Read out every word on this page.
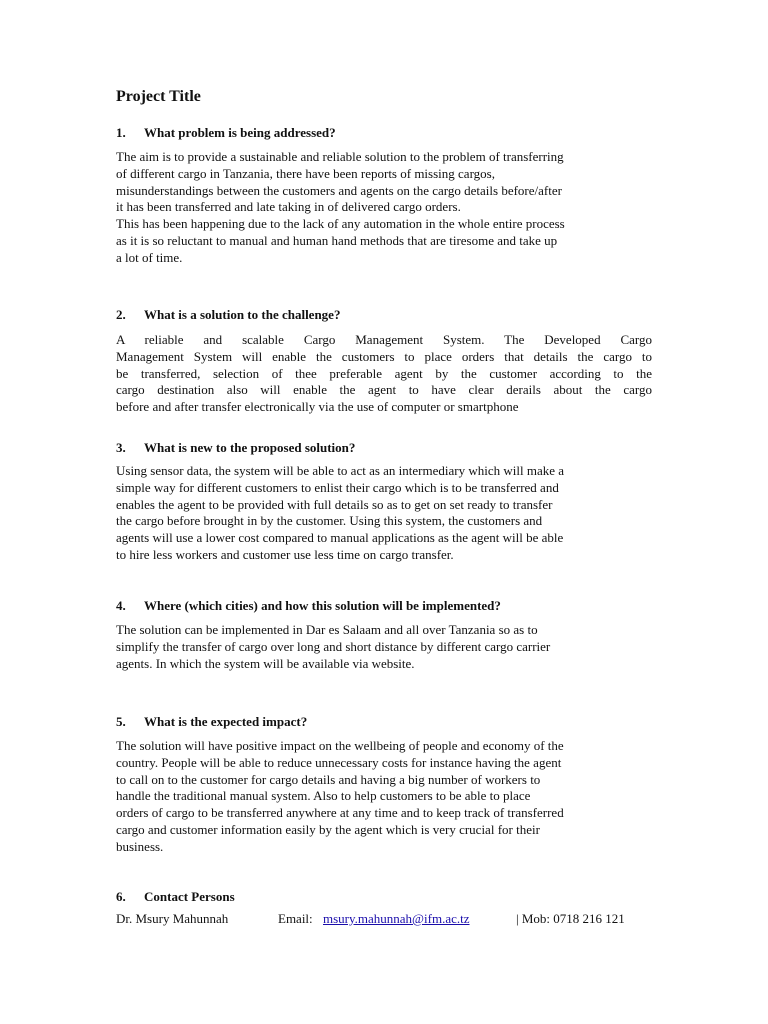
Project Title
1. What problem is being addressed?
The aim is to provide a sustainable and reliable solution to the problem of transferring
of different cargo in Tanzania, there have been reports of missing cargos,
misunderstandings between the customers and agents on the cargo details before/after
it has been transferred and late taking in of delivered cargo orders.
This has been happening due to the lack of any automation in the whole entire process
as it is so reluctant to manual and human hand methods that are tiresome and take up
a lot of time.
2. What is a solution to the challenge?
A reliable and scalable Cargo Management System. The Developed Cargo
Management System will enable the customers to place orders that details the cargo to
be transferred, selection of thee preferable agent by the customer according to the
cargo destination also will enable the agent to have clear derails about the cargo
before and after transfer electronically via the use of computer or smartphone
3. What is new to the proposed solution?
Using sensor data, the system will be able to act as an intermediary which will make a
simple way for different customers to enlist their cargo which is to be transferred and
enables the agent to be provided with full details so as to get on set ready to transfer
the cargo before brought in by the customer. Using this system, the customers and
agents will use a lower cost compared to manual applications as the agent will be able
to hire less workers and customer use less time on cargo transfer.
4. Where (which cities) and how this solution will be implemented?
The solution can be implemented in Dar es Salaam and all over Tanzania so as to
simplify the transfer of cargo over long and short distance by different cargo carrier
agents. In which the system will be available via website.
5. What is the expected impact?
The solution will have positive impact on the wellbeing of people and economy of the
country. People will be able to reduce unnecessary costs for instance having the agent
to call on to the customer for cargo details and having a big number of workers to
handle the traditional manual system. Also to help customers to be able to place
orders of cargo to be transferred anywhere at any time and to keep track of transferred
cargo and customer information easily by the agent which is very crucial for their
business.
6. Contact Persons
Dr. Msury Mahunnah	Email: msury.mahunnah@ifm.ac.tz	| Mob: 0718 216 121
